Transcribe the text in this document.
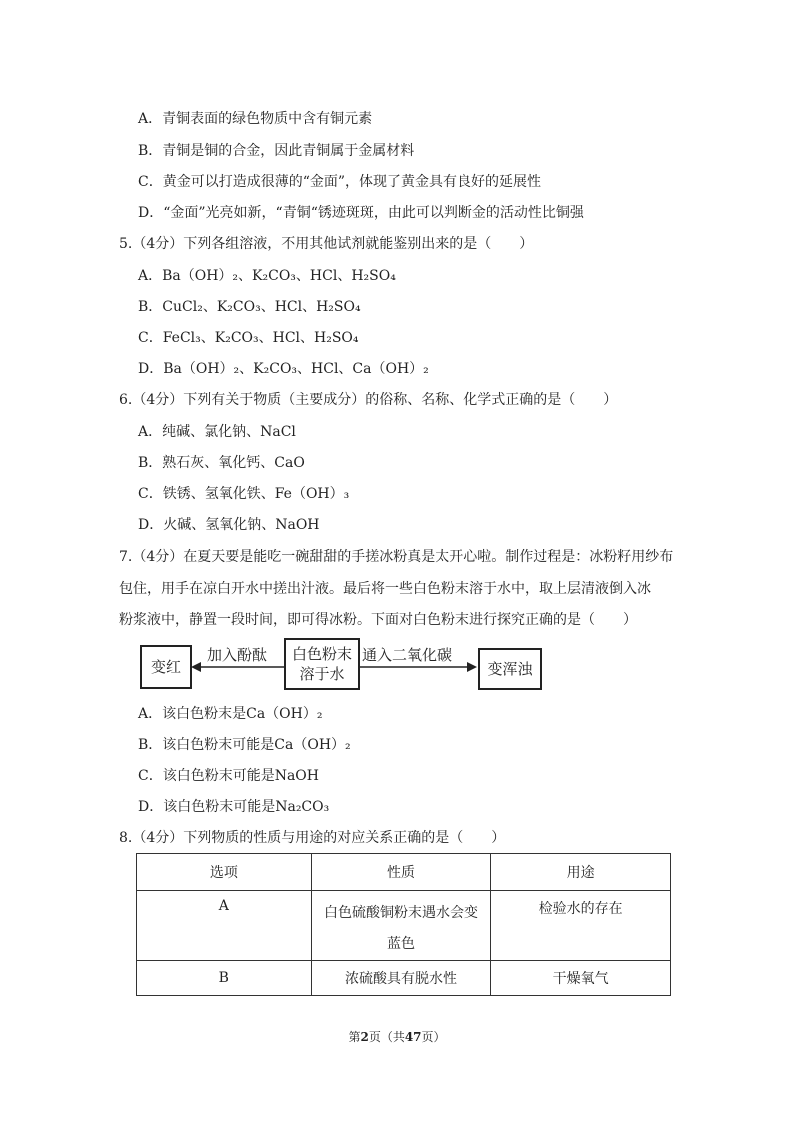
A．青铜表面的绿色物质中含有铜元素
B．青铜是铜的合金，因此青铜属于金属材料
C．黄金可以打造成很薄的“金面”，体现了黄金具有良好的延展性
D．“金面”光亮如新，“青铜“锈迹斑斑，由此可以判断金的活动性比铜强
5.（4分）下列各组溶液，不用其他试剂就能鉴别出来的是（　　）
A．Ba（OH）₂、K₂CO₃、HCl、H₂SO₄
B．CuCl₂、K₂CO₃、HCl、H₂SO₄
C．FeCl₃、K₂CO₃、HCl、H₂SO₄
D．Ba（OH）₂、K₂CO₃、HCl、Ca（OH）₂
6.（4分）下列有关于物质（主要成分）的俗称、名称、化学式正确的是（　　）
A．纯碱、氯化钠、NaCl
B．熟石灰、氧化钙、CaO
C．铁锈、氢氧化铁、Fe（OH）₃
D．火碱、氢氧化钠、NaOH
7.（4分）在夏天要是能吃一碗甜甜的手搓冰粉真是太开心啦。制作过程是：冰粉籽用纱布
包住，用手在凉白开水中搓出汁液。最后将一些白色粉末溶于水中，取上层清液倒入冰
粉浆液中，静置一段时间，即可得冰粉。下面对白色粉末进行探究正确的是（　　）
变红
加入酚酞 白色粉末
溶于水
通入二氧化碳
变浑浊
A．该白色粉末是Ca（OH）₂
B．该白色粉末可能是Ca（OH）₂
C．该白色粉末可能是NaOH
D．该白色粉末可能是Na₂CO₃
8.（4分）下列物质的性质与用途的对应关系正确的是（　　）
选项	性质	用途
A	白色硫酸铜粉末遇水会变蓝色	检验水的存在
B	浓硫酸具有脱水性	干燥氧气
第2页（共47页）
